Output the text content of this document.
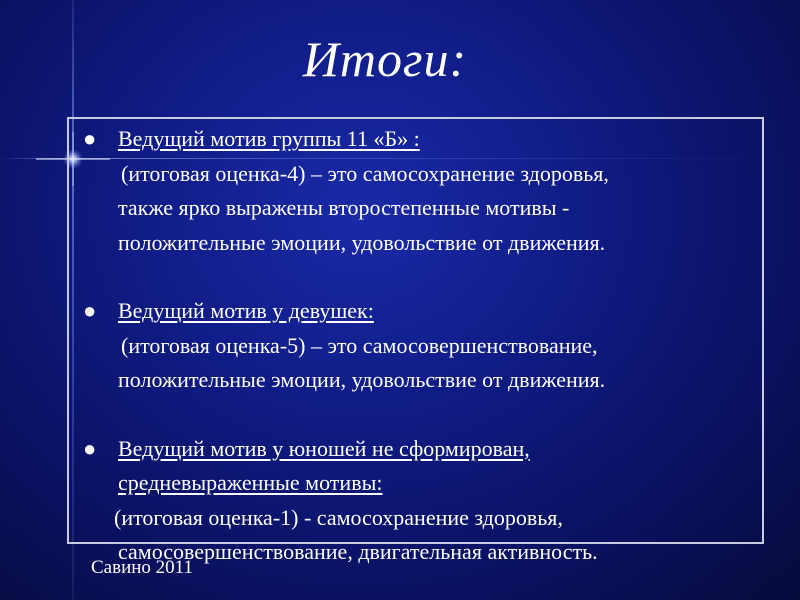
Итоги:
● Ведущий мотив группы 11 «Б» :
(итоговая оценка-4) – это самосохранение здоровья,
также ярко выражены второстепенные мотивы -
положительные эмоции, удовольствие от движения.
● Ведущий мотив у девушек:
(итоговая оценка-5) – это самосовершенствование,
положительные эмоции, удовольствие от движения.
● Ведущий мотив у юношей не сформирован,
средневыраженные мотивы:
(итоговая оценка-1) - самосохранение здоровья,
самосовершенствование, двигательная активность.
Савино 2011
